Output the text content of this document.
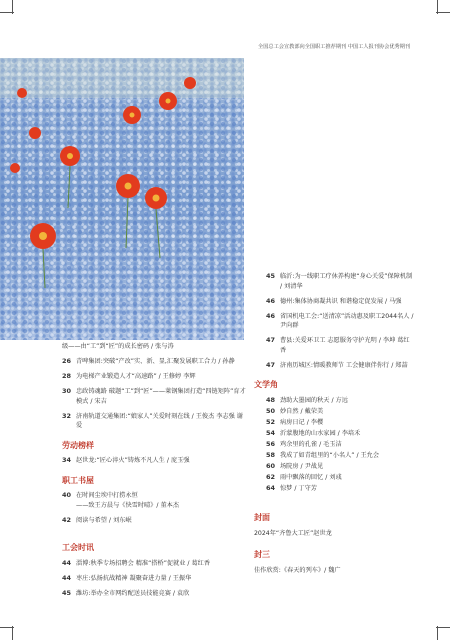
全国总工会宣教部向全国职工推荐期刊 中国工人报刊协会优秀期刊
级——由“工”到“匠”的成长密码 / 张与涛
26 青啤集团:突破“产改”实、新、显,汇聚发展职工合力 / 孙静
28 为电梯产业锻造人才“高速路” / 王修婷 李辉
30 忠政铸魂路 破题“工”到“匠”——莱钢集团打造“四链矩阵”育才模式 / 宋吉
32 济南轨道交通集团:“娘家人”关爱时刻在线 / 王俊杰 李志强 谢爱
劳动榜样
34 赵世龙:“匠心淬火”铸炼不凡人生 / 庞玉强
职工书屋
40 在时间尘埃中打捞永恒
——致王方晨与《快雪时晴》/ 董本杰
42 阅读与希望 / 刘东岷
工会时讯
44 淄博:秋季专场招聘会 精准“搭桥”促就业 / 葛红香
44 枣庄:弘扬抗战精神 凝聚奋进力量 / 王振华
45 潍坊:举办全市网约配送员技能竞赛 / 袁欣
45 临沂:为一线职工疗休养构建“身心关爱”保障机制 / 刘清华
46 德州:集体协商凝共识 和谐稳定促发展 / 马强
46 省国机电工会:“送清凉”活动惠及职工2044名人 / 尹向群
47 曹县:关爱环卫工 志愿服务守护光明 / 李坤 葛红香
47 济南历城区:情暖教师节 工会健康伴你行 / 郑喆
文学角
48 劲助大墨园的秋天 / 方远
50 妙自然 / 戴荣美
52 病房日记 / 李樱
54 沂蒙腹地的山水家园 / 李培禾
56 鸡余里的孔雀 / 毛玉洁
58 我成了如青组里的“小名人” / 王允会
60 场院房 / 尹战见
62 雨中飘落的回忆 / 刘彧
64 惊梦 / 丁守芳
封面
2024年“齐鲁大工匠”赵世龙
封三
佳作欣赏:《春天的列车》/ 魏广
